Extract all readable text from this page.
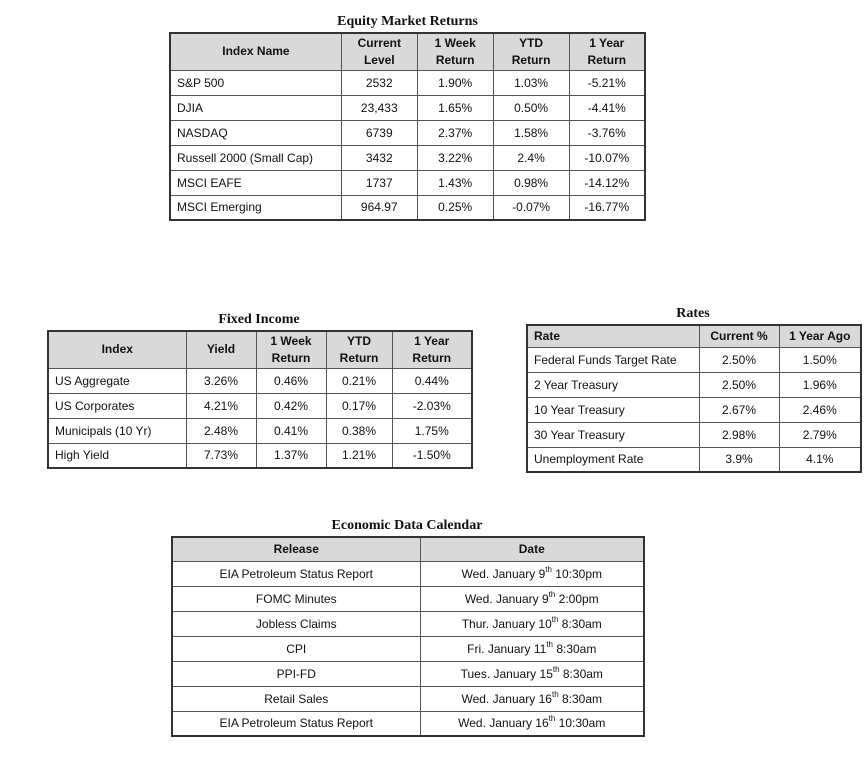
Equity Market Returns
Index Name	Current Level	1 Week Return	YTD Return	1 Year Return
S&P 500	2532	1.90%	1.03%	-5.21%
DJIA	23,433	1.65%	0.50%	-4.41%
NASDAQ	6739	2.37%	1.58%	-3.76%
Russell 2000 (Small Cap)	3432	3.22%	2.4%	-10.07%
MSCI EAFE	1737	1.43%	0.98%	-14.12%
MSCI Emerging	964.97	0.25%	-0.07%	-16.77%
Fixed Income
Index	Yield	1 Week Return	YTD Return	1 Year Return
US Aggregate	3.26%	0.46%	0.21%	0.44%
US Corporates	4.21%	0.42%	0.17%	-2.03%
Municipals (10 Yr)	2.48%	0.41%	0.38%	1.75%
High Yield	7.73%	1.37%	1.21%	-1.50%
Rates
Rate	Current %	1 Year Ago
Federal Funds Target Rate	2.50%	1.50%
2 Year Treasury	2.50%	1.96%
10 Year Treasury	2.67%	2.46%
30 Year Treasury	2.98%	2.79%
Unemployment Rate	3.9%	4.1%
Economic Data Calendar
Release	Date
EIA Petroleum Status Report	Wed. January 9th 10:30pm
FOMC Minutes	Wed. January 9th 2:00pm
Jobless Claims	Thur. January 10th 8:30am
CPI	Fri. January 11th 8:30am
PPI-FD	Tues. January 15th 8:30am
Retail Sales	Wed. January 16th 8:30am
EIA Petroleum Status Report	Wed. January 16th 10:30am
